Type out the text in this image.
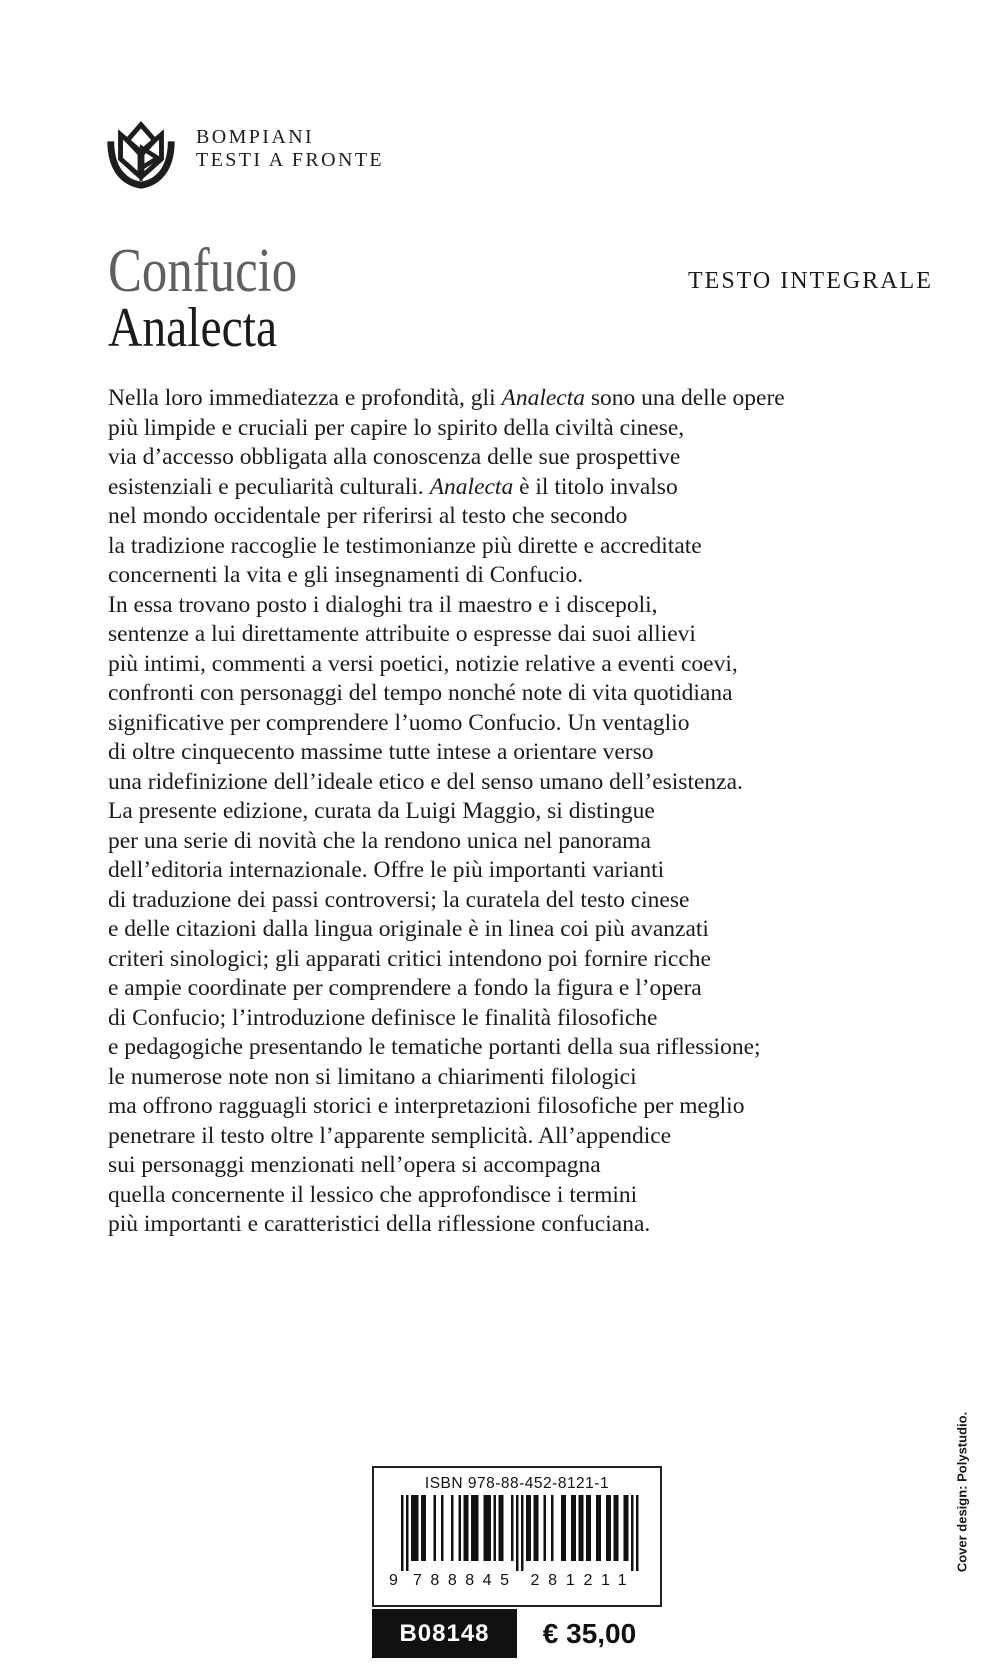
BOMPIANI
TESTI A FRONTE
Confucio
Analecta
TESTO INTEGRALE
Nella loro immediatezza e profondità, gli Analecta sono una delle opere
più limpide e cruciali per capire lo spirito della civiltà cinese,
via d’accesso obbligata alla conoscenza delle sue prospettive
esistenziali e peculiarità culturali. Analecta è il titolo invalso
nel mondo occidentale per riferirsi al testo che secondo
la tradizione raccoglie le testimonianze più dirette e accreditate
concernenti la vita e gli insegnamenti di Confucio.
In essa trovano posto i dialoghi tra il maestro e i discepoli,
sentenze a lui direttamente attribuite o espresse dai suoi allievi
più intimi, commenti a versi poetici, notizie relative a eventi coevi,
confronti con personaggi del tempo nonché note di vita quotidiana
significative per comprendere l’uomo Confucio. Un ventaglio
di oltre cinquecento massime tutte intese a orientare verso
una ridefinizione dell’ideale etico e del senso umano dell’esistenza.
La presente edizione, curata da Luigi Maggio, si distingue
per una serie di novità che la rendono unica nel panorama
dell’editoria internazionale. Offre le più importanti varianti
di traduzione dei passi controversi; la curatela del testo cinese
e delle citazioni dalla lingua originale è in linea coi più avanzati
criteri sinologici; gli apparati critici intendono poi fornire ricche
e ampie coordinate per comprendere a fondo la figura e l’opera
di Confucio; l’introduzione definisce le finalità filosofiche
e pedagogiche presentando le tematiche portanti della sua riflessione;
le numerose note non si limitano a chiarimenti filologici
ma offrono ragguagli storici e interpretazioni filosofiche per meglio
penetrare il testo oltre l’apparente semplicità. All’appendice
sui personaggi menzionati nell’opera si accompagna
quella concernente il lessico che approfondisce i termini
più importanti e caratteristici della riflessione confuciana.
ISBN 978-88-452-8121-1
9 788845 281211
B08148	€ 35,00
Cover design: Polystudio.
